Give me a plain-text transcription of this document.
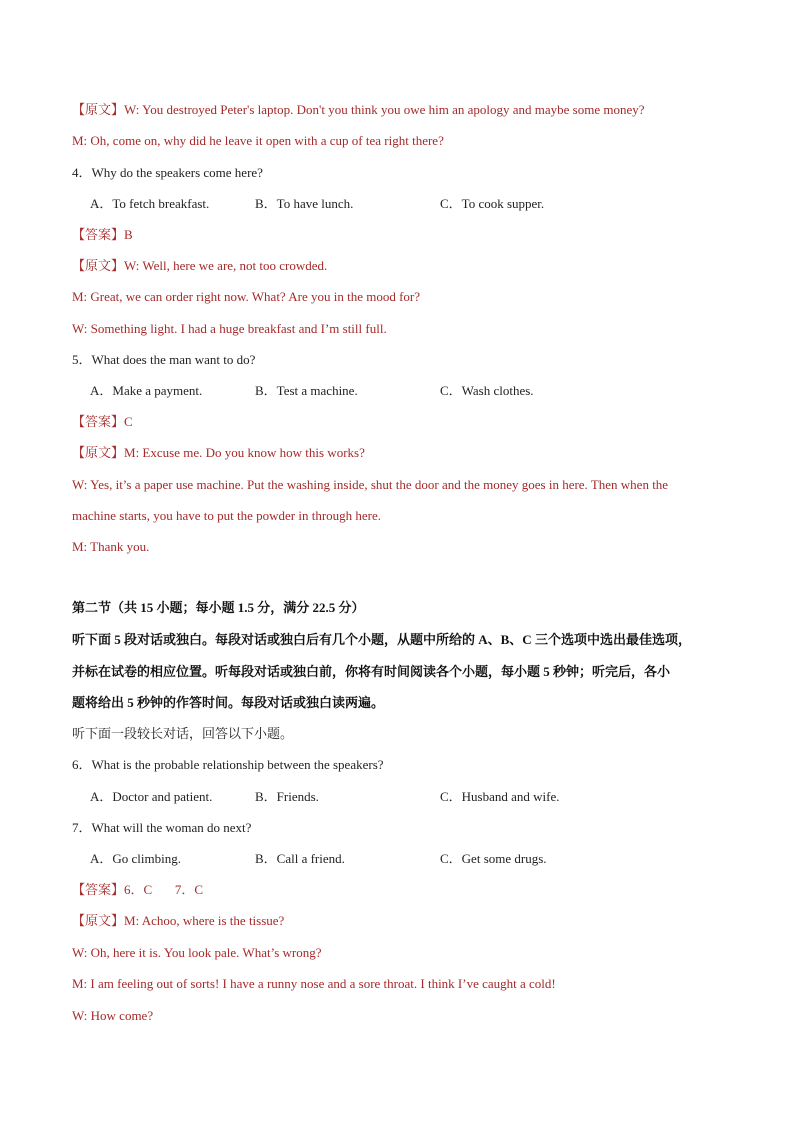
【原文】W: You destroyed Peter's laptop. Don't you think you owe him an apology and maybe some money?
M: Oh, come on, why did he leave it open with a cup of tea right there?
4．Why do the speakers come here?
A．To fetch breakfast.	B．To have lunch.	C．To cook supper.
【答案】B
【原文】W: Well, here we are, not too crowded.
M: Great, we can order right now. What? Are you in the mood for?
W: Something light. I had a huge breakfast and I’m still full.
5．What does the man want to do?
A．Make a payment.	B．Test a machine.	C．Wash clothes.
【答案】C
【原文】M: Excuse me. Do you know how this works?
W: Yes, it’s a paper use machine. Put the washing inside, shut the door and the money goes in here. Then when the
machine starts, you have to put the powder in through here.
M: Thank you.
第二节（共 15 小题；每小题 1.5 分，满分 22.5 分）
听下面 5 段对话或独白。每段对话或独白后有几个小题，从题中所给的 A、B、C 三个选项中选出最佳选项，
并标在试卷的相应位置。听每段对话或独白前，你将有时间阅读各个小题，每小题 5 秒钟；听完后，各小
题将给出 5 秒钟的作答时间。每段对话或独白读两遍。
听下面一段较长对话，回答以下小题。
6．What is the probable relationship between the speakers?
A．Doctor and patient.	B．Friends.	C．Husband and wife.
7．What will the woman do next?
A．Go climbing.	B．Call a friend.	C．Get some drugs.
【答案】6．C       7．C
【原文】M: Achoo, where is the tissue?
W: Oh, here it is. You look pale. What’s wrong?
M: I am feeling out of sorts! I have a runny nose and a sore throat. I think I’ve caught a cold!
W: How come?
